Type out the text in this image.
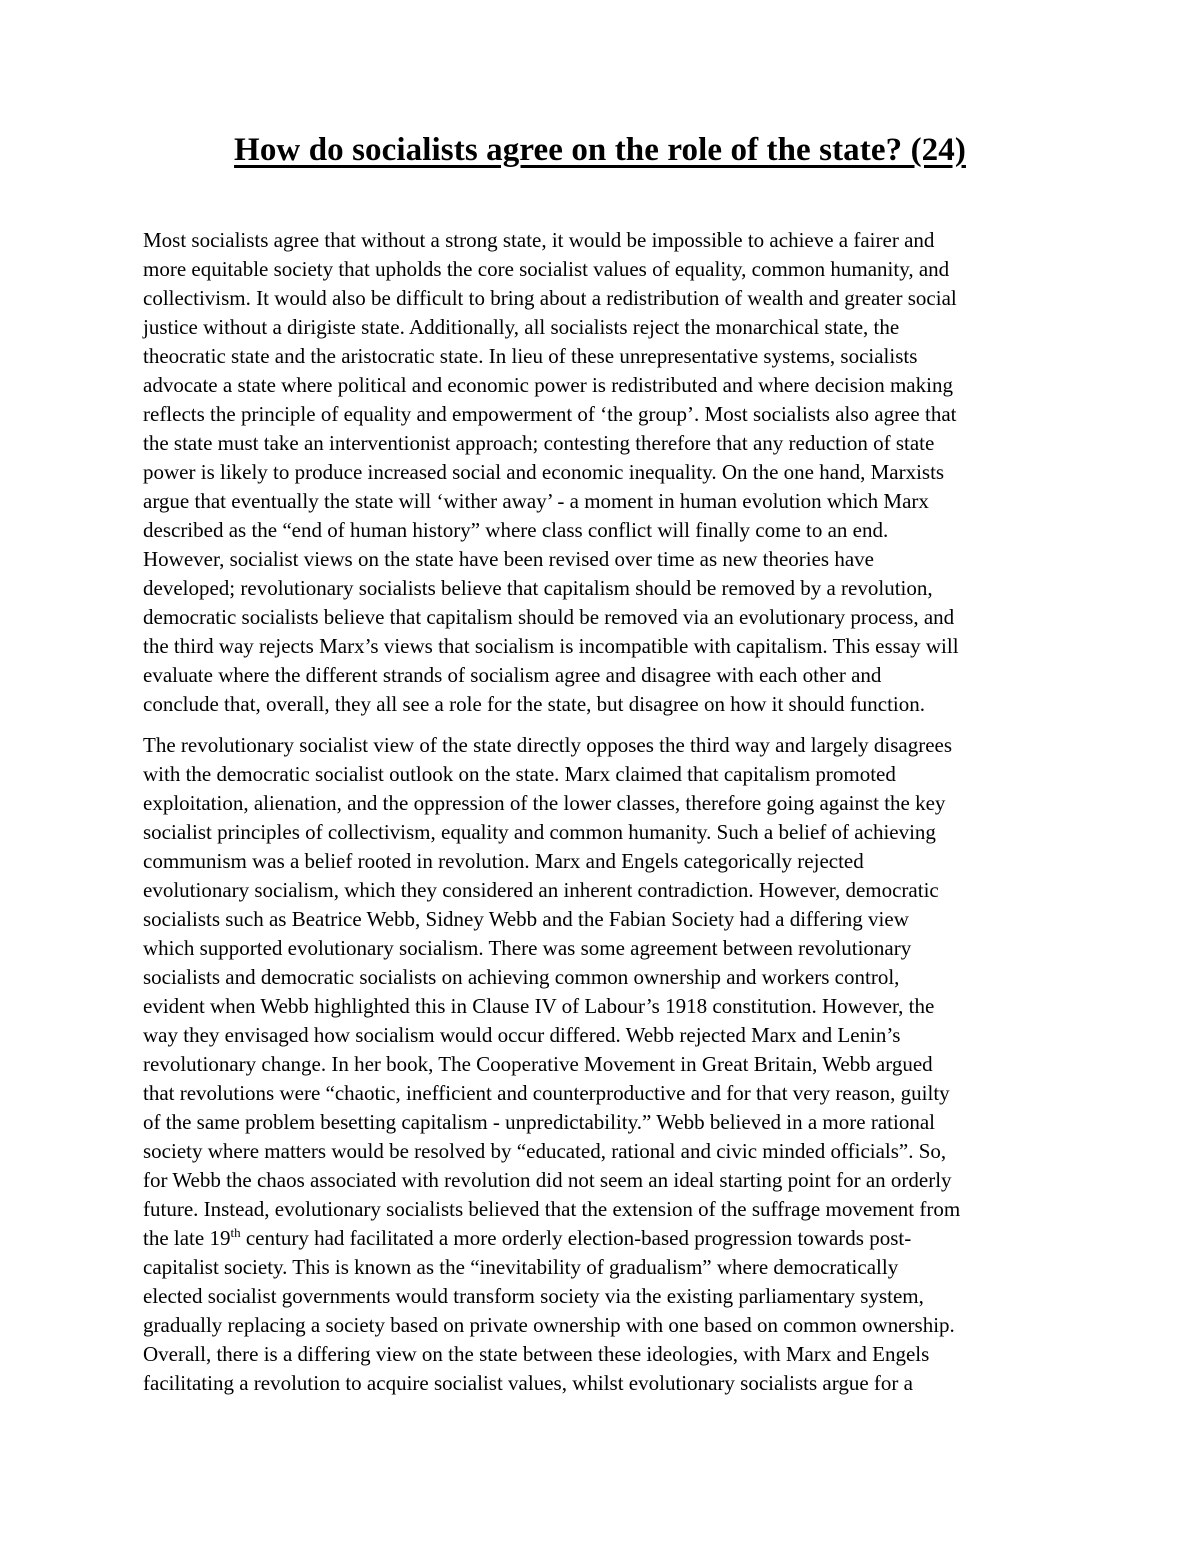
How do socialists agree on the role of the state? (24)

Most socialists agree that without a strong state, it would be impossible to achieve a fairer and
more equitable society that upholds the core socialist values of equality, common humanity, and
collectivism. It would also be difficult to bring about a redistribution of wealth and greater social
justice without a dirigiste state. Additionally, all socialists reject the monarchical state, the
theocratic state and the aristocratic state. In lieu of these unrepresentative systems, socialists
advocate a state where political and economic power is redistributed and where decision making
reflects the principle of equality and empowerment of ‘the group’. Most socialists also agree that
the state must take an interventionist approach; contesting therefore that any reduction of state
power is likely to produce increased social and economic inequality. On the one hand, Marxists
argue that eventually the state will ‘wither away’ - a moment in human evolution which Marx
described as the “end of human history” where class conflict will finally come to an end.
However, socialist views on the state have been revised over time as new theories have
developed; revolutionary socialists believe that capitalism should be removed by a revolution,
democratic socialists believe that capitalism should be removed via an evolutionary process, and
the third way rejects Marx’s views that socialism is incompatible with capitalism. This essay will
evaluate where the different strands of socialism agree and disagree with each other and
conclude that, overall, they all see a role for the state, but disagree on how it should function.

The revolutionary socialist view of the state directly opposes the third way and largely disagrees
with the democratic socialist outlook on the state. Marx claimed that capitalism promoted
exploitation, alienation, and the oppression of the lower classes, therefore going against the key
socialist principles of collectivism, equality and common humanity. Such a belief of achieving
communism was a belief rooted in revolution. Marx and Engels categorically rejected
evolutionary socialism, which they considered an inherent contradiction. However, democratic
socialists such as Beatrice Webb, Sidney Webb and the Fabian Society had a differing view
which supported evolutionary socialism. There was some agreement between revolutionary
socialists and democratic socialists on achieving common ownership and workers control,
evident when Webb highlighted this in Clause IV of Labour’s 1918 constitution. However, the
way they envisaged how socialism would occur differed. Webb rejected Marx and Lenin’s
revolutionary change. In her book, The Cooperative Movement in Great Britain, Webb argued
that revolutions were “chaotic, inefficient and counterproductive and for that very reason, guilty
of the same problem besetting capitalism - unpredictability.” Webb believed in a more rational
society where matters would be resolved by “educated, rational and civic minded officials”. So,
for Webb the chaos associated with revolution did not seem an ideal starting point for an orderly
future. Instead, evolutionary socialists believed that the extension of the suffrage movement from
the late 19th century had facilitated a more orderly election-based progression towards post-
capitalist society. This is known as the “inevitability of gradualism” where democratically
elected socialist governments would transform society via the existing parliamentary system,
gradually replacing a society based on private ownership with one based on common ownership.
Overall, there is a differing view on the state between these ideologies, with Marx and Engels
facilitating a revolution to acquire socialist values, whilst evolutionary socialists argue for a
